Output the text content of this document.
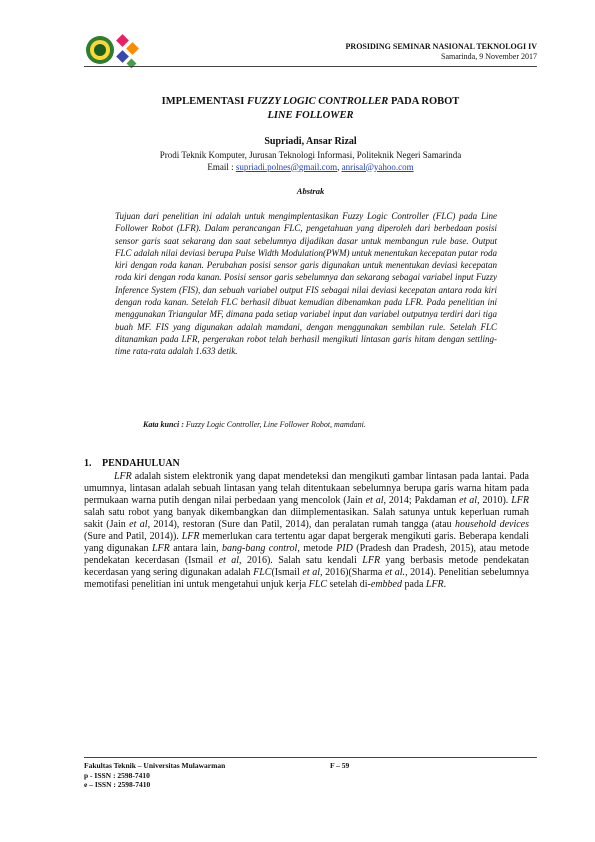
PROSIDING SEMINAR NASIONAL TEKNOLOGI IV
Samarinda, 9 November 2017
IMPLEMENTASI FUZZY LOGIC CONTROLLER PADA ROBOT
LINE FOLLOWER
Supriadi, Ansar Rizal
Prodi Teknik Komputer, Jurusan Teknologi Informasi, Politeknik Negeri Samarinda
Email : supriadi.polnes@gmail.com, anrisal@yahoo.com
Abstrak
Tujuan dari penelitian ini adalah untuk mengimplentasikan Fuzzy Logic Controller (FLC) pada Line Follower Robot (LFR). Dalam perancangan FLC, pengetahuan yang diperoleh dari berbedaan posisi sensor garis saat sekarang dan saat sebelumnya dijadikan dasar untuk membangun rule base. Output FLC adalah nilai deviasi berupa Pulse Width Modulation(PWM) untuk menentukan kecepatan putar roda kiri dengan roda kanan. Perubahan posisi sensor garis digunakan untuk menentukan deviasi kecepatan roda kiri dengan roda kanan. Posisi sensor garis sebelumnya dan sekarang sebagai variabel input Fuzzy Inference System (FIS), dan sebuah variabel output FIS sebagai nilai deviasi kecepatan antara roda kiri dengan roda kanan. Setelah FLC berhasil dibuat kemudian dibenamkan pada LFR. Pada penelitian ini menggunakan Triangular MF, dimana pada setiap variabel input dan variabel outputnya terdiri dari tiga buah MF. FIS yang digunakan adalah mamdani, dengan menggunakan sembilan rule. Setelah FLC ditanamkan pada LFR, pergerakan robot telah berhasil mengikuti lintasan garis hitam dengan settling-time rata-rata adalah 1.633 detik.
Kata kunci : Fuzzy Logic Controller, Line Follower Robot, mamdani.
1. PENDAHULUAN

LFR adalah sistem elektronik yang dapat mendeteksi dan mengikuti gambar lintasan pada lantai. Pada umumnya, lintasan adalah sebuah lintasan yang telah ditentukaan sebelumnya berupa garis warna hitam pada permukaan warna putih dengan nilai perbedaan yang mencolok (Jain et al, 2014; Pakdaman et al, 2010). LFR salah satu robot yang banyak dikembangkan dan diimplementasikan. Salah satunya untuk keperluan rumah sakit (Jain et al, 2014), restoran (Sure dan Patil, 2014), dan peralatan rumah tangga (atau household devices (Sure and Patil, 2014)). LFR memerlukan cara tertentu agar dapat bergerak mengikuti garis. Beberapa kendali yang digunakan LFR antara lain, bang-bang control, metode PID (Pradesh dan Pradesh, 2015), atau metode pendekatan kecerdasan (Ismail et al, 2016). Salah satu kendali LFR yang berbasis metode pendekatan kecerdasan yang sering digunakan adalah FLC(Ismail et al, 2016)(Sharma et al., 2014). Penelitian sebelumnya memotifasi penelitian ini untuk mengetahui unjuk kerja FLC setelah di-embbed pada LFR.

Fakultas Teknik – Universitas Mulawarman
p - ISSN : 2598-7410
e – ISSN : 2598-7410
F – 59
